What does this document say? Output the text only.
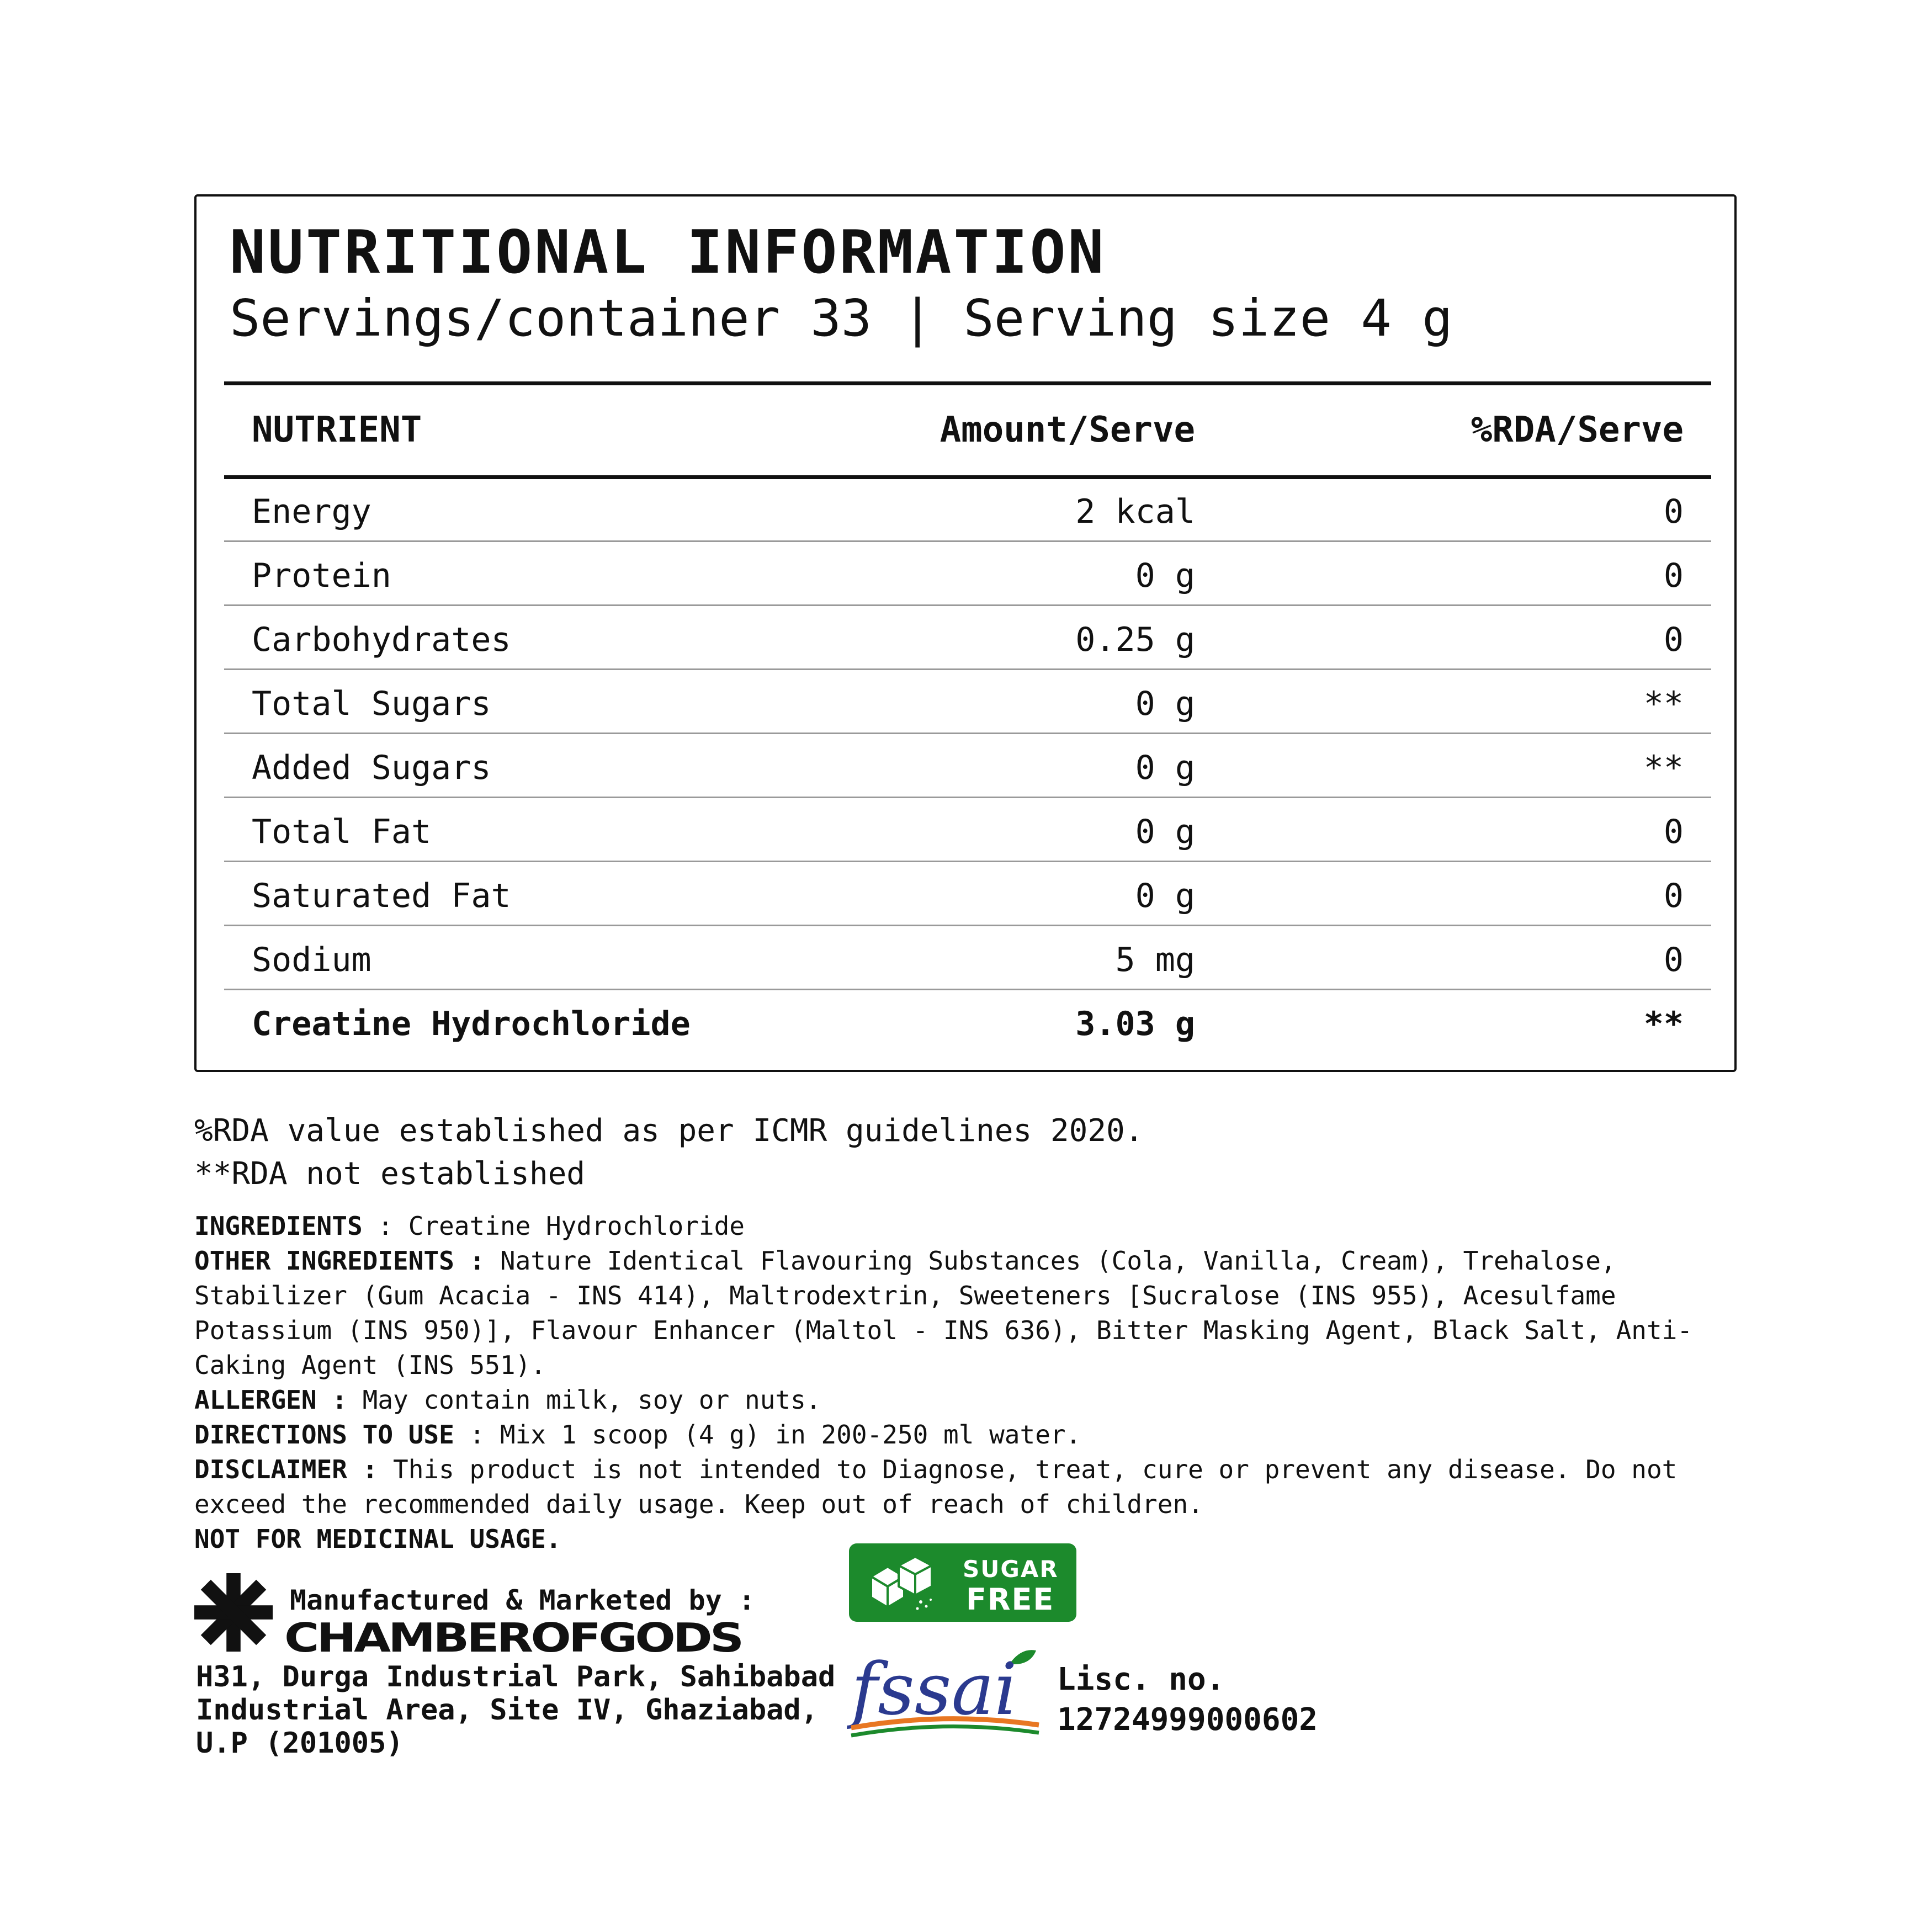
NUTRITIONAL INFORMATION
Servings/container 33 | Serving size 4 g
NUTRIENT	Amount/Serve	%RDA/Serve
Energy	2 kcal	0
Protein	0 g	0
Carbohydrates	0.25 g	0
Total Sugars	0 g	**
Added Sugars	0 g	**
Total Fat	0 g	0
Saturated Fat	0 g	0
Sodium	5 mg	0
Creatine Hydrochloride	3.03 g	**
%RDA value established as per ICMR guidelines 2020.
**RDA not established

INGREDIENTS : Creatine Hydrochloride

OTHER INGREDIENTS : Nature Identical Flavouring Substances (Cola, Vanilla, Cream), Trehalose, Stabilizer (Gum Acacia - INS 414), Maltrodextrin, Sweeteners [Sucralose (INS 955), Acesulfame Potassium (INS 950)], Flavour Enhancer (Maltol - INS 636), Bitter Masking Agent, Black Salt, Anti-Caking Agent (INS 551).

ALLERGEN : May contain milk, soy or nuts.

DIRECTIONS TO USE : Mix 1 scoop (4 g) in 200-250 ml water.

DISCLAIMER : This product is not intended to Diagnose, treat, cure or prevent any disease. Do not exceed the recommended daily usage. Keep out of reach of children.

NOT FOR MEDICINAL USAGE.

Manufactured & Marketed by :
CHAMBEROFGODS
H31, Durga Industrial Park, Sahibabad
Industrial Area, Site IV, Ghaziabad,
U.P (201005)
SUGAR
FREE
fssai Lisc. no.
12724999000602
